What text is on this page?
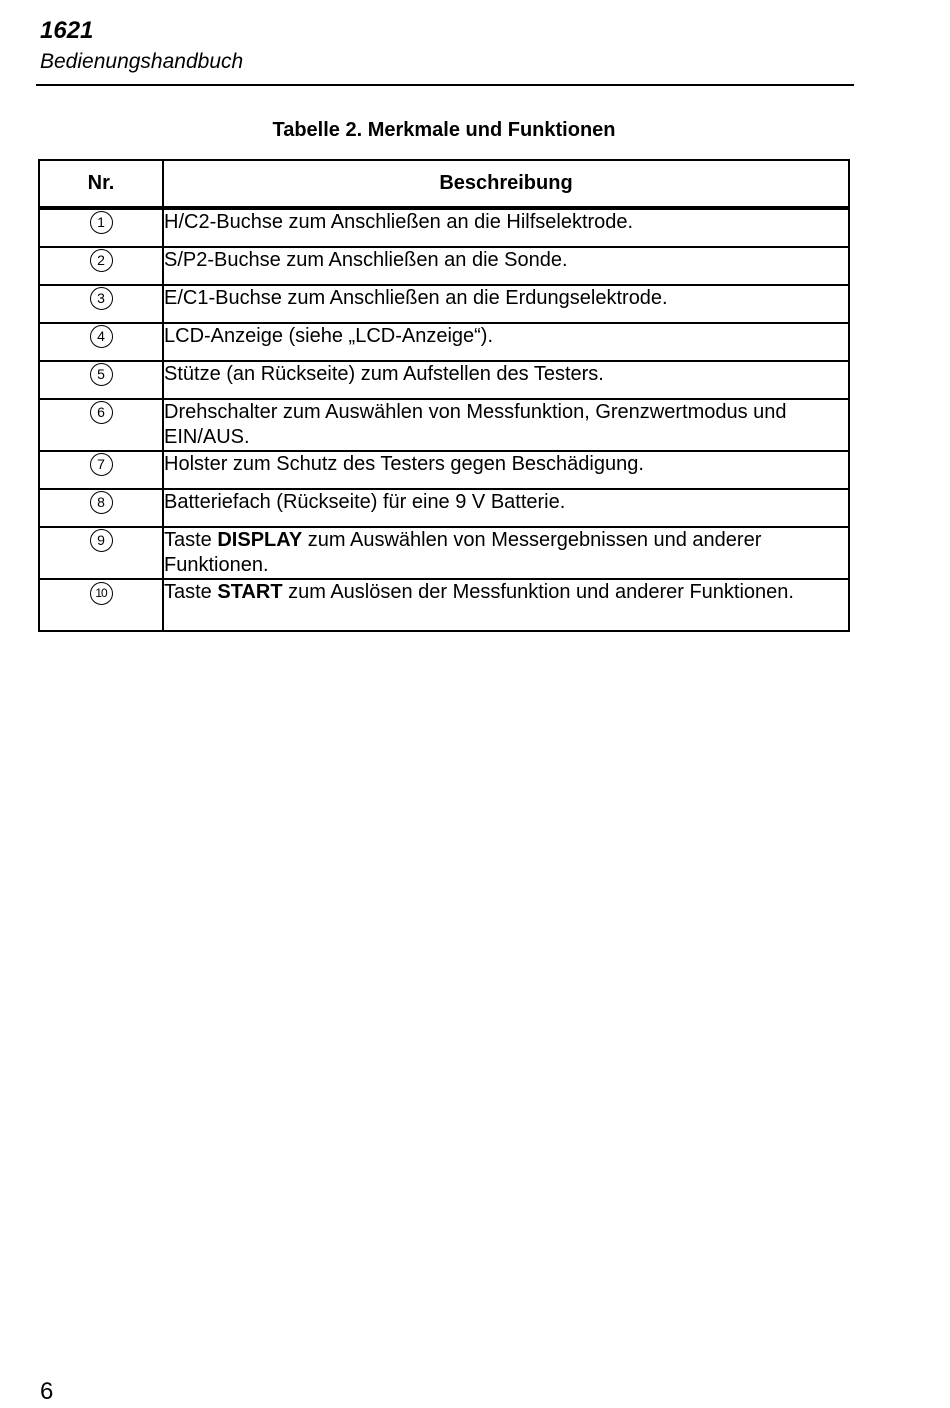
1621
Bedienungshandbuch
Tabelle 2. Merkmale und Funktionen
Nr.	Beschreibung
1	H/C2-Buchse zum Anschließen an die Hilfselektrode.
2	S/P2-Buchse zum Anschließen an die Sonde.
3	E/C1-Buchse zum Anschließen an die Erdungselektrode.
4	LCD-Anzeige (siehe „LCD-Anzeige“).
5	Stütze (an Rückseite) zum Aufstellen des Testers.
6	Drehschalter zum Auswählen von Messfunktion, Grenzwertmodus und EIN/AUS.
7	Holster zum Schutz des Testers gegen Beschädigung.
8	Batteriefach (Rückseite) für eine 9 V Batterie.
9	Taste DISPLAY zum Auswählen von Messergebnissen und anderer Funktionen.
10	Taste START zum Auslösen der Messfunktion und anderer Funktionen.
6
